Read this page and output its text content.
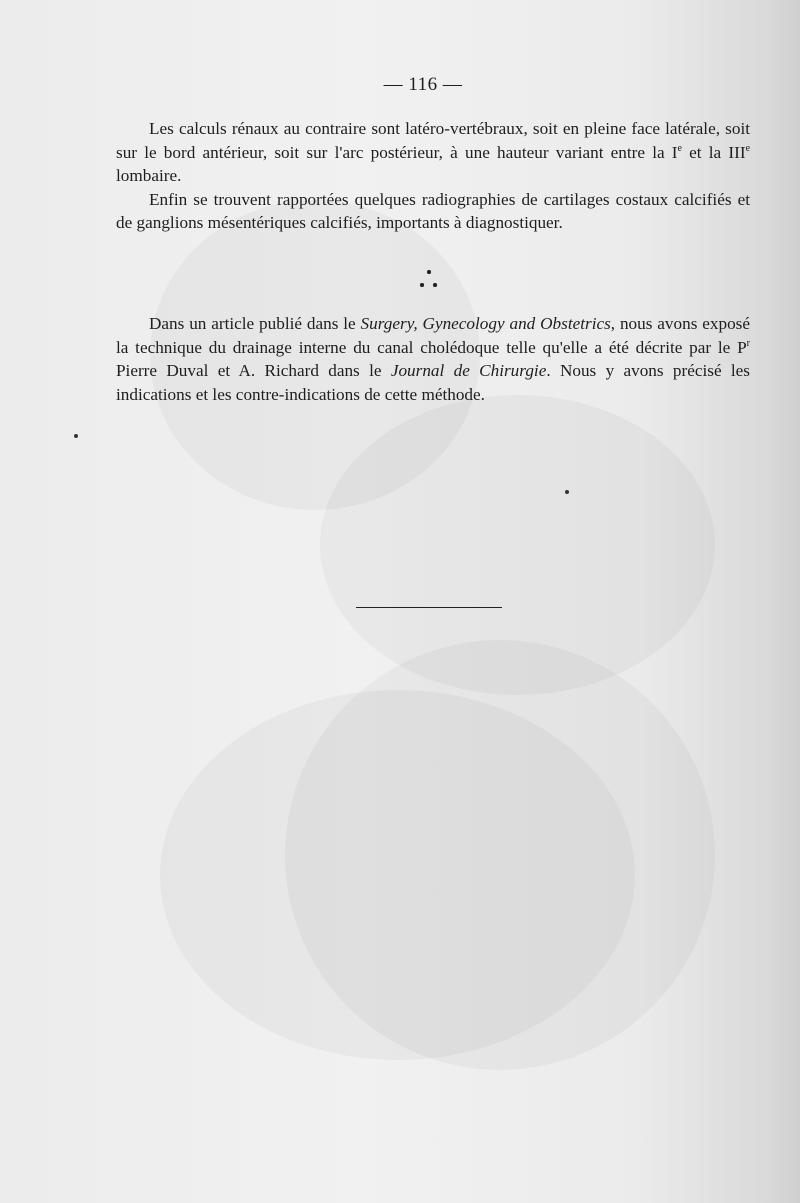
— 116 —

Les calculs rénaux au contraire sont latéro-vertébraux, soit en pleine face latérale, soit sur le bord antérieur, soit sur l'arc postérieur, à une hauteur variant entre la Ie et la IIIe lombaire.

Enfin se trouvent rapportées quelques radiographies de cartilages costaux calcifiés et de ganglions mésentériques calcifiés, importants à diagnostiquer.

Dans un article publié dans le Surgery, Gynecology and Obstetrics, nous avons exposé la technique du drainage interne du canal cholédoque telle qu'elle a été décrite par le $P^r$ Pierre Duval et A. Richard dans le Journal de Chirurgie. Nous y avons précisé les indications et les contre-indications de cette méthode.
